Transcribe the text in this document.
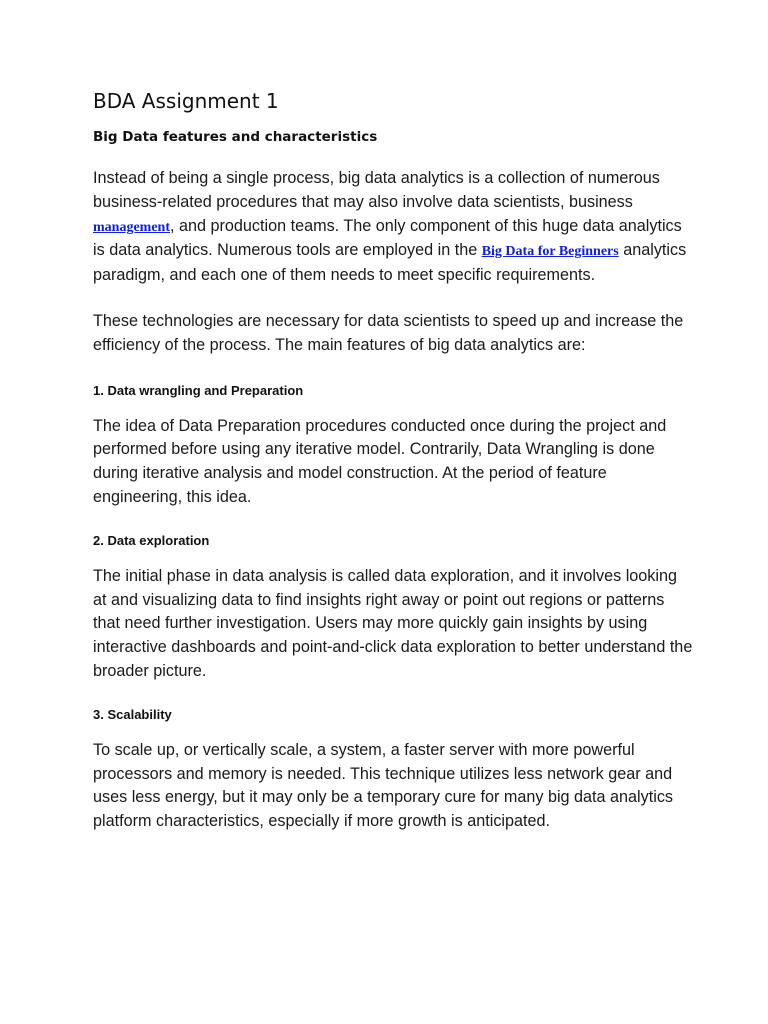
BDA Assignment 1
Big Data features and characteristics

Instead of being a single process, big data analytics is a collection of numerous business-related procedures that may also involve data scientists, business management, and production teams. The only component of this huge data analytics is data analytics. Numerous tools are employed in the Big Data for Beginners analytics paradigm, and each one of them needs to meet specific requirements.

These technologies are necessary for data scientists to speed up and increase the efficiency of the process. The main features of big data analytics are:

1. Data wrangling and Preparation

The idea of Data Preparation procedures conducted once during the project and performed before using any iterative model. Contrarily, Data Wrangling is done during iterative analysis and model construction. At the period of feature engineering, this idea.

2. Data exploration

The initial phase in data analysis is called data exploration, and it involves looking at and visualizing data to find insights right away or point out regions or patterns that need further investigation. Users may more quickly gain insights by using interactive dashboards and point-and-click data exploration to better understand the broader picture.

3. Scalability

To scale up, or vertically scale, a system, a faster server with more powerful processors and memory is needed. This technique utilizes less network gear and uses less energy, but it may only be a temporary cure for many big data analytics platform characteristics, especially if more growth is anticipated.
